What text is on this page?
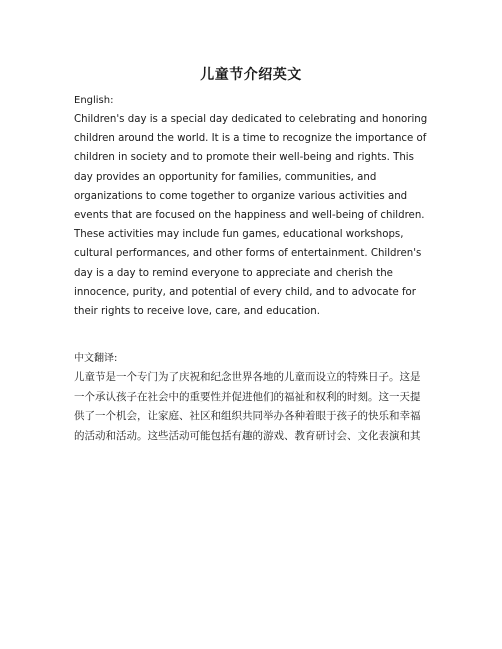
儿童节介绍英文
English:

Children's day is a special day dedicated to celebrating and honoring
children around the world. It is a time to recognize the importance of
children in society and to promote their well-being and rights. This
day provides an opportunity for families, communities, and
organizations to come together to organize various activities and
events that are focused on the happiness and well-being of children.
These activities may include fun games, educational workshops,
cultural performances, and other forms of entertainment. Children's
day is a day to remind everyone to appreciate and cherish the
innocence, purity, and potential of every child, and to advocate for
their rights to receive love, care, and education.

中文翻译:

儿童节是一个专门为了庆祝和纪念世界各地的儿童而设立的特殊日子。这是
一个承认孩子在社会中的重要性并促进他们的福祉和权利的时刻。这一天提
供了一个机会，让家庭、社区和组织共同举办各种着眼于孩子的快乐和幸福
的活动和活动。这些活动可能包括有趣的游戏、教育研讨会、文化表演和其
